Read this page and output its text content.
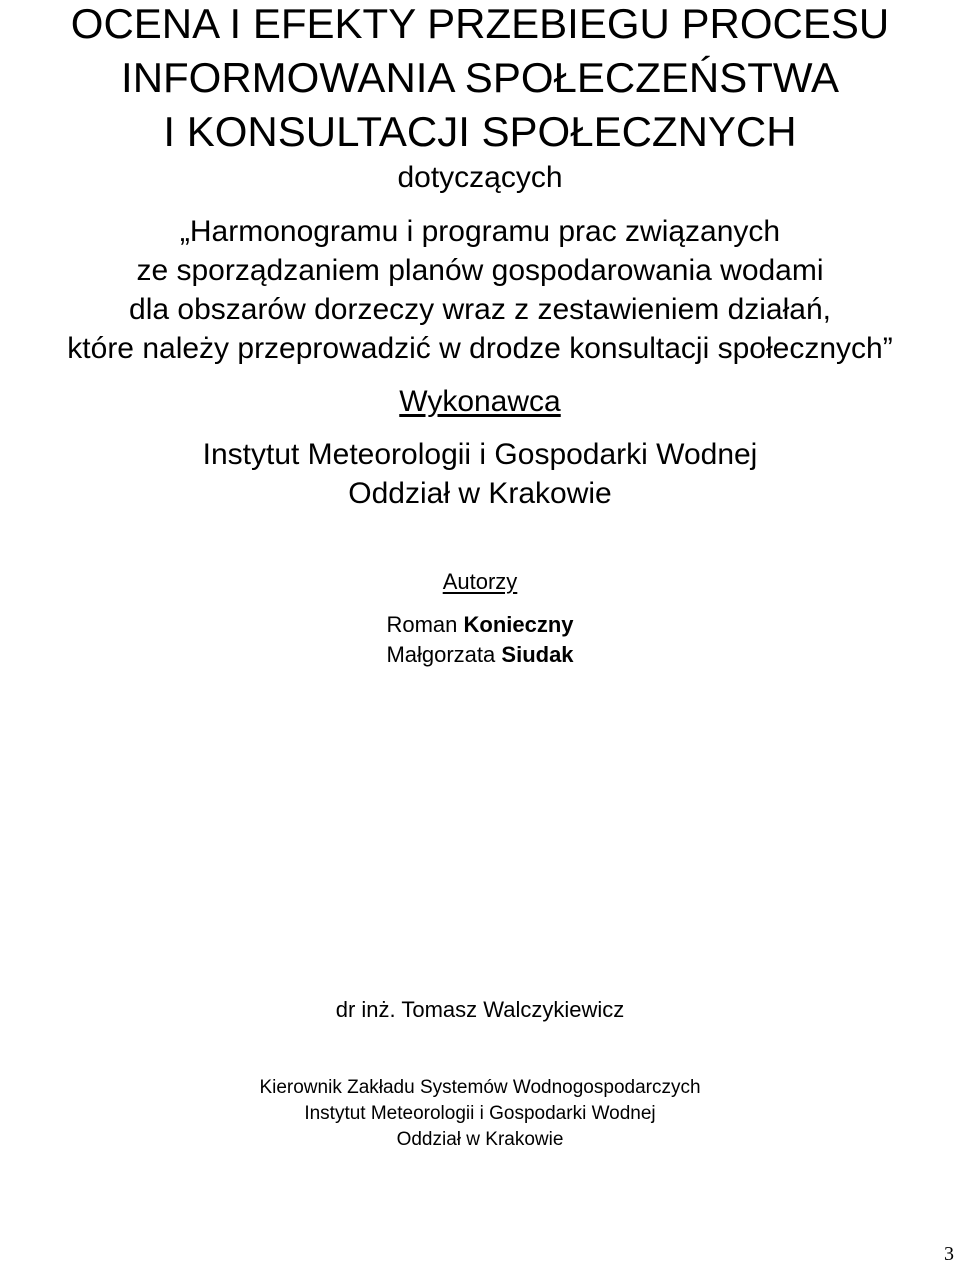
OCENA I EFEKTY PRZEBIEGU PROCESU
INFORMOWANIA SPOŁECZEŃSTWA
I KONSULTACJI SPOŁECZNYCH
dotyczących
„Harmonogramu i programu prac związanych
ze sporządzaniem planów gospodarowania wodami
dla obszarów dorzeczy wraz z zestawieniem działań,
które należy przeprowadzić w drodze konsultacji społecznych”
Wykonawca
Instytut Meteorologii i Gospodarki Wodnej
Oddział w Krakowie
Autorzy
Roman Konieczny
Małgorzata Siudak
dr inż. Tomasz Walczykiewicz
Kierownik Zakładu Systemów Wodnogospodarczych
Instytut Meteorologii i Gospodarki Wodnej
Oddział w Krakowie
3
